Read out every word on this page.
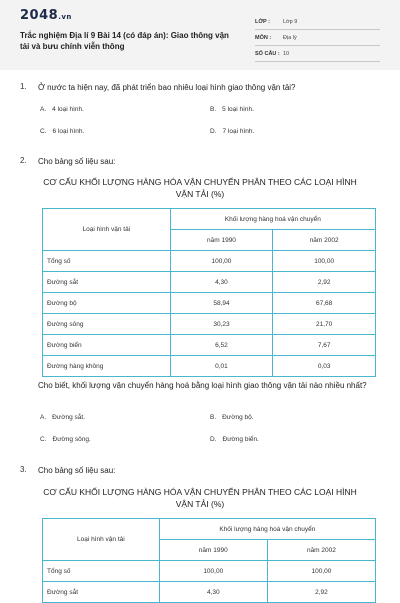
2048.vn
Trắc nghiệm Địa lí 9 Bài 14 (có đáp án): Giao thông vận tải và bưu chính viễn thông
LỚP :	Lớp 9
MÔN :	Địa lý
SỐ CÂU : 10
1. Ở nước ta hiện nay, đã phát triển bao nhiêu loại hình giao thông vận tải?
A. 4 loại hình.	B. 5 loại hình.
C. 6 loại hình.	D. 7 loại hình.
2. Cho bảng số liệu sau:
CƠ CẤU KHỐI LƯỢNG HÀNG HÓA VẬN CHUYỂN PHÂN THEO CÁC LOẠI HÌNH VẬN TẢI (%)
Loại hình vận tải	Khối lượng hàng hoá vận chuyển	
	năm 1990	năm 2002
Tổng số	100,00	100,00
Đường sắt	4,30	2,92
Đường bộ	58,94	67,68
Đường sông	30,23	21,70
Đường biển	6,52	7,67
Đường hàng không	0,01	0,03
Cho biết, khối lượng vận chuyển hàng hoá bằng loại hình giao thông vận tải nào nhiều nhất?
A. Đường sắt.	B. Đường bộ.
C. Đường sông.	D. Đường biển.
3. Cho bảng số liệu sau:
CƠ CẤU KHỐI LƯỢNG HÀNG HÓA VẬN CHUYỂN PHÂN THEO CÁC LOẠI HÌNH VẬN TẢI (%)
Loại hình vận tải	Khối lượng hàng hoá vận chuyển	
	năm 1990	năm 2002
Tổng số	100,00	100,00
Đường sắt	4,30	2,92
